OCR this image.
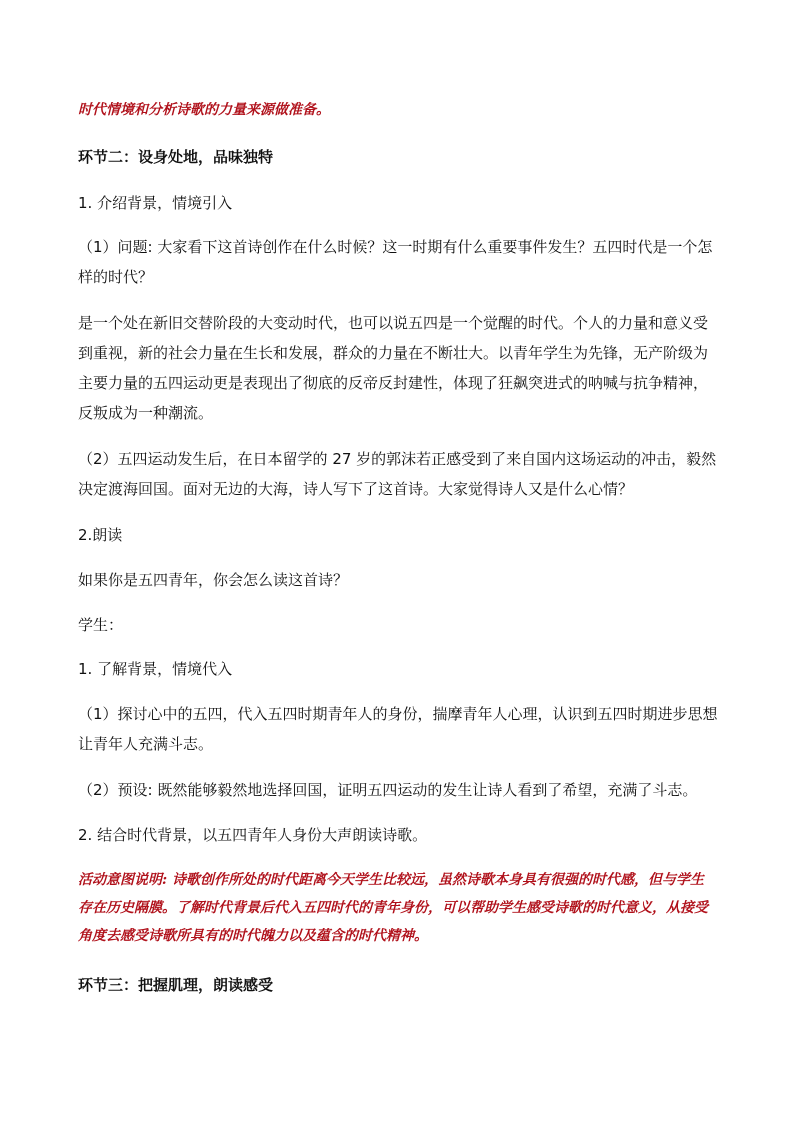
时代情境和分析诗歌的力量来源做准备。

环节二：设身处地，品味独特

1. 介绍背景，情境引入

（1）问题: 大家看下这首诗创作在什么时候？这一时期有什么重要事件发生？五四时代是一个怎样的时代？

是一个处在新旧交替阶段的大变动时代，也可以说五四是一个觉醒的时代。个人的力量和意义受到重视，新的社会力量在生长和发展，群众的力量在不断壮大。以青年学生为先锋，无产阶级为主要力量的五四运动更是表现出了彻底的反帝反封建性，体现了狂飙突进式的呐喊与抗争精神，反叛成为一种潮流。

（2）五四运动发生后，在日本留学的 27 岁的郭沫若正感受到了来自国内这场运动的冲击，毅然决定渡海回国。面对无边的大海，诗人写下了这首诗。大家觉得诗人又是什么心情？

2.朗读

如果你是五四青年，你会怎么读这首诗？

学生：

1. 了解背景，情境代入

（1）探讨心中的五四，代入五四时期青年人的身份，揣摩青年人心理，认识到五四时期进步思想让青年人充满斗志。

（2）预设: 既然能够毅然地选择回国，证明五四运动的发生让诗人看到了希望，充满了斗志。

2. 结合时代背景，以五四青年人身份大声朗读诗歌。

活动意图说明: 诗歌创作所处的时代距离今天学生比较远，虽然诗歌本身具有很强的时代感，但与学生存在历史隔膜。了解时代背景后代入五四时代的青年身份，可以帮助学生感受诗歌的时代意义，从接受角度去感受诗歌所具有的时代魄力以及蕴含的时代精神。

环节三：把握肌理，朗读感受
